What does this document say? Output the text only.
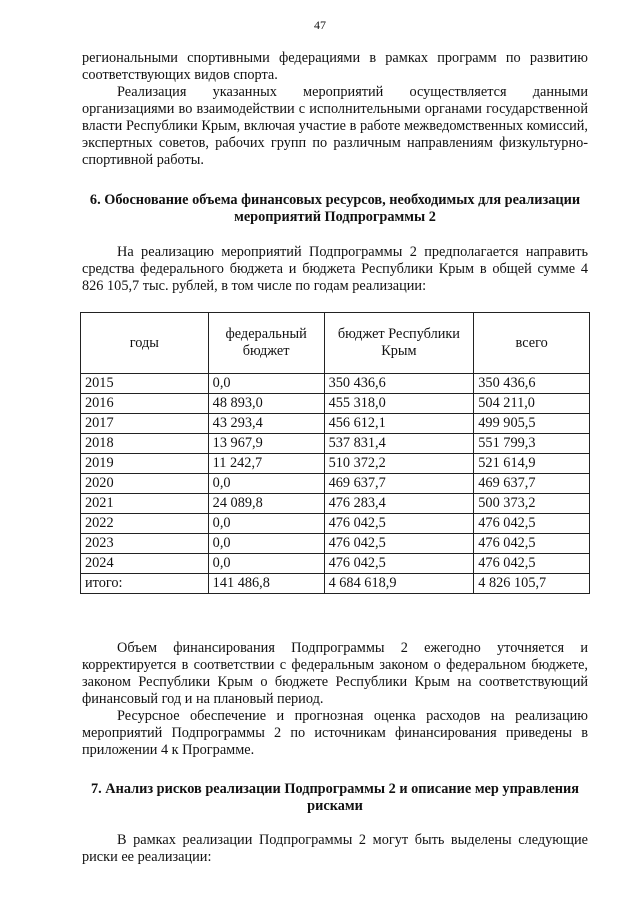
47

региональными спортивными федерациями в рамках программ по развитию соответствующих видов спорта.

Реализация указанных мероприятий осуществляется данными организациями во взаимодействии с исполнительными органами государственной власти Республики Крым, включая участие в работе межведомственных комиссий, экспертных советов, рабочих групп по различным направлениям физкультурно-спортивной работы.

6. Обоснование объема финансовых ресурсов, необходимых для реализации мероприятий Подпрограммы 2

На реализацию мероприятий Подпрограммы 2 предполагается направить средства федерального бюджета и бюджета Республики Крым в общей сумме 4 826 105,7 тыс. рублей, в том числе по годам реализации:

годы	федеральный бюджет	бюджет Республики Крым	всего
2015	0,0	350 436,6	350 436,6
2016	48 893,0	455 318,0	504 211,0
2017	43 293,4	456 612,1	499 905,5
2018	13 967,9	537 831,4	551 799,3
2019	11 242,7	510 372,2	521 614,9
2020	0,0	469 637,7	469 637,7
2021	24 089,8	476 283,4	500 373,2
2022	0,0	476 042,5	476 042,5
2023	0,0	476 042,5	476 042,5
2024	0,0	476 042,5	476 042,5
итого:	141 486,8	4 684 618,9	4 826 105,7

Объем финансирования Подпрограммы 2 ежегодно уточняется и корректируется в соответствии с федеральным законом о федеральном бюджете, законом Республики Крым о бюджете Республики Крым на соответствующий финансовый год и на плановый период.

Ресурсное обеспечение и прогнозная оценка расходов на реализацию мероприятий Подпрограммы 2 по источникам финансирования приведены в приложении 4 к Программе.

7. Анализ рисков реализации Подпрограммы 2 и описание мер управления рисками

В рамках реализации Подпрограммы 2 могут быть выделены следующие риски ее реализации:
